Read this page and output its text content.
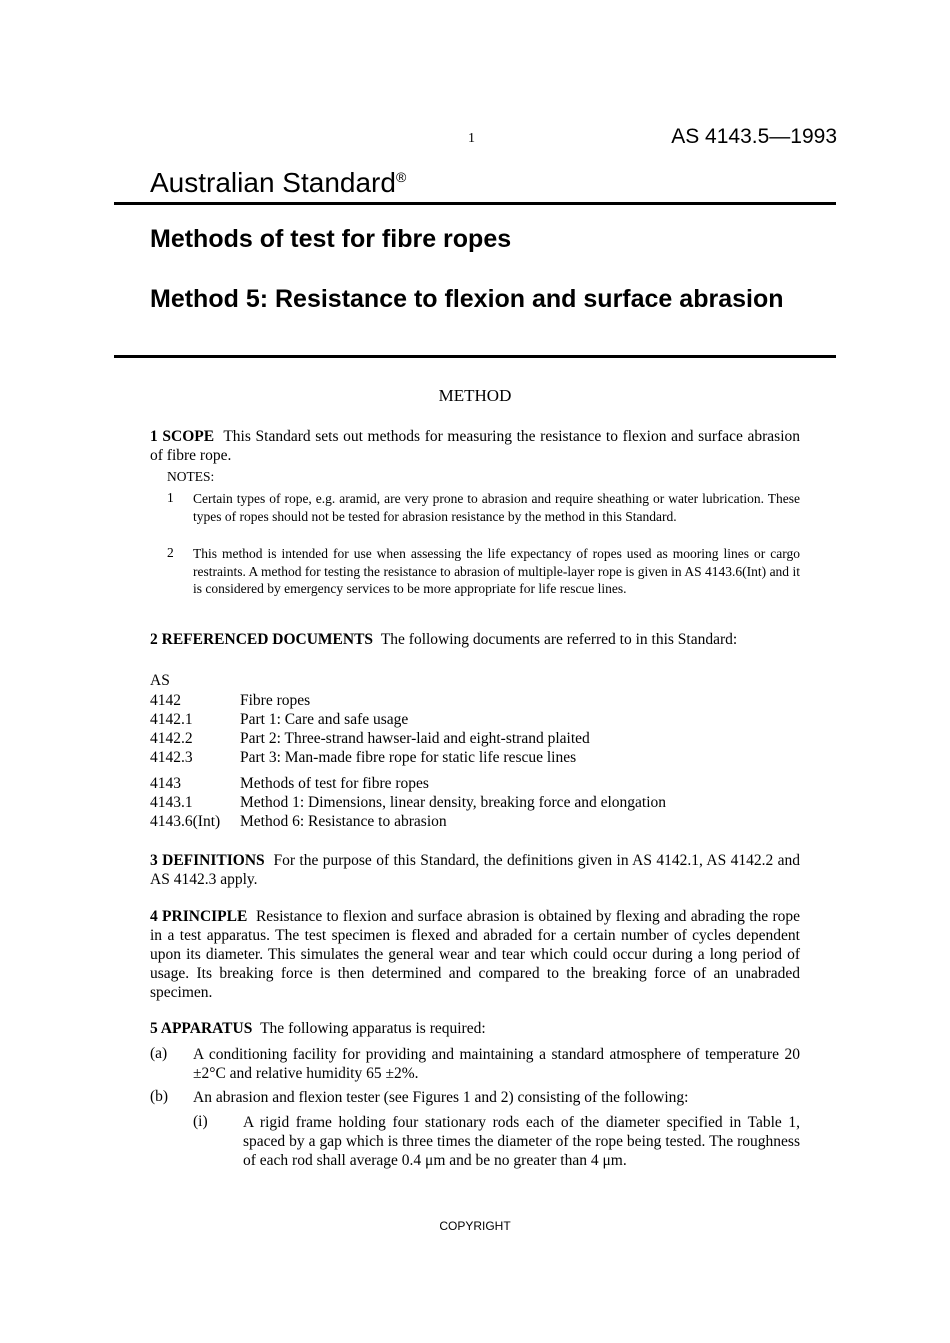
1	AS 4143.5—1993
Australian Standard®
Methods of test for fibre ropes
Method 5: Resistance to flexion and surface abrasion
METHOD
1 SCOPE This Standard sets out methods for measuring the resistance to flexion and surface abrasion of fibre rope.
NOTES:
1 Certain types of rope, e.g. aramid, are very prone to abrasion and require sheathing or water lubrication. These types of ropes should not be tested for abrasion resistance by the method in this Standard.
2 This method is intended for use when assessing the life expectancy of ropes used as mooring lines or cargo restraints. A method for testing the resistance to abrasion of multiple-layer rope is given in AS 4143.6(Int) and it is considered by emergency services to be more appropriate for life rescue lines.
2 REFERENCED DOCUMENTS The following documents are referred to in this Standard:
AS
4142	Fibre ropes
4142.1	Part 1: Care and safe usage
4142.2	Part 2: Three-strand hawser-laid and eight-strand plaited
4142.3	Part 3: Man-made fibre rope for static life rescue lines
4143	Methods of test for fibre ropes
4143.1	Method 1: Dimensions, linear density, breaking force and elongation
4143.6(Int) Method 6: Resistance to abrasion
3 DEFINITIONS For the purpose of this Standard, the definitions given in AS 4142.1, AS 4142.2 and AS 4142.3 apply.
4 PRINCIPLE Resistance to flexion and surface abrasion is obtained by flexing and abrading the rope in a test apparatus. The test specimen is flexed and abraded for a certain number of cycles dependent upon its diameter. This simulates the general wear and tear which could occur during a long period of usage. Its breaking force is then determined and compared to the breaking force of an unabraded specimen.
5 APPARATUS The following apparatus is required:
(a) A conditioning facility for providing and maintaining a standard atmosphere of temperature 20 ±2°C and relative humidity 65 ±2%.
(b) An abrasion and flexion tester (see Figures 1 and 2) consisting of the following:
(i) A rigid frame holding four stationary rods each of the diameter specified in Table 1, spaced by a gap which is three times the diameter of the rope being tested. The roughness of each rod shall average 0.4 μm and be no greater than 4 μm.
COPYRIGHT
